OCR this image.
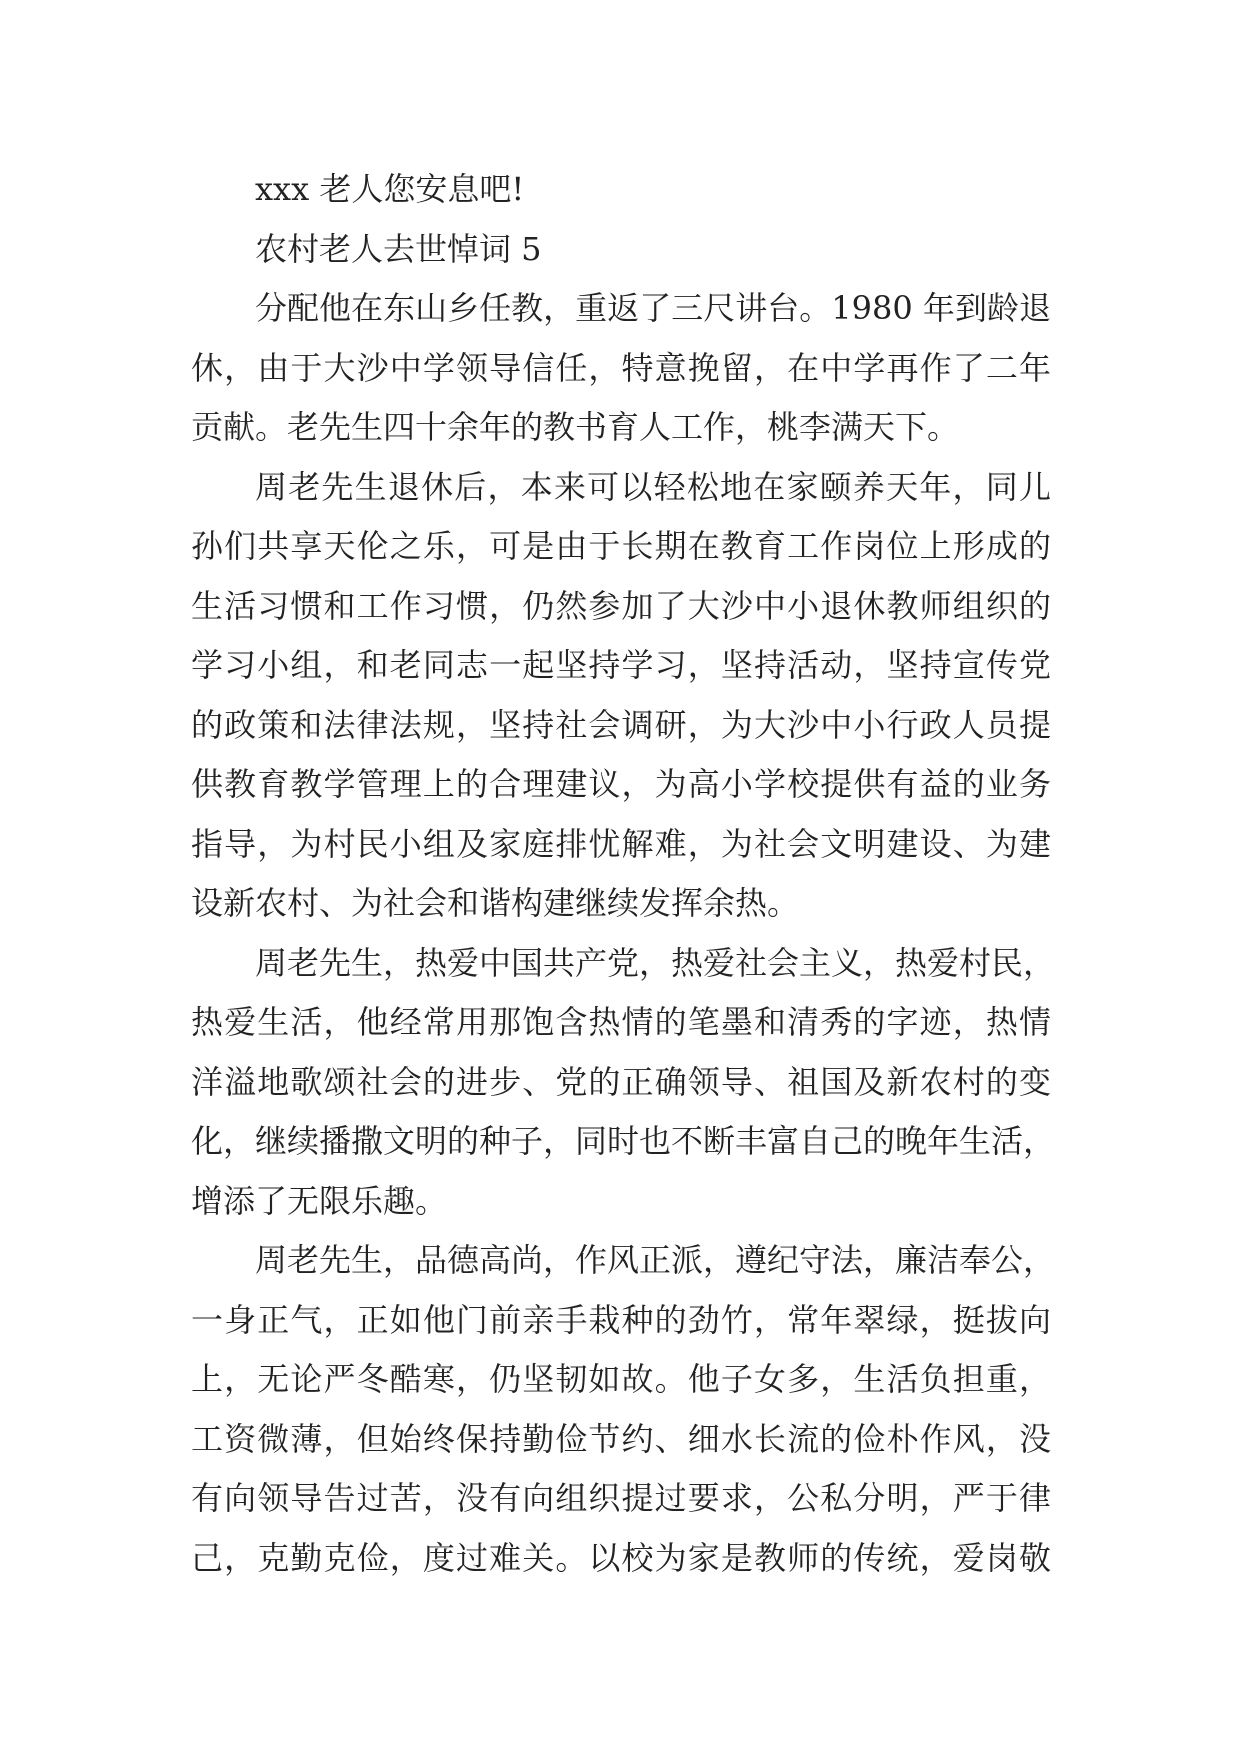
xxx 老人您安息吧!
农村老人去世悼词 5
分配他在东山乡任教，重返了三尺讲台。1980 年到龄退
休，由于大沙中学领导信任，特意挽留，在中学再作了二年
贡献。老先生四十余年的教书育人工作，桃李满天下。
周老先生退休后，本来可以轻松地在家颐养天年，同儿
孙们共享天伦之乐，可是由于长期在教育工作岗位上形成的
生活习惯和工作习惯，仍然参加了大沙中小退休教师组织的
学习小组，和老同志一起坚持学习，坚持活动，坚持宣传党
的政策和法律法规，坚持社会调研，为大沙中小行政人员提
供教育教学管理上的合理建议，为高小学校提供有益的业务
指导，为村民小组及家庭排忧解难，为社会文明建设、为建
设新农村、为社会和谐构建继续发挥余热。
周老先生，热爱中国共产党，热爱社会主义，热爱村民，
热爱生活，他经常用那饱含热情的笔墨和清秀的字迹，热情
洋溢地歌颂社会的进步、党的正确领导、祖国及新农村的变
化，继续播撒文明的种子，同时也不断丰富自己的晚年生活，
增添了无限乐趣。
周老先生，品德高尚，作风正派，遵纪守法，廉洁奉公，
一身正气，正如他门前亲手栽种的劲竹，常年翠绿，挺拔向
上，无论严冬酷寒，仍坚韧如故。他子女多，生活负担重，
工资微薄，但始终保持勤俭节约、细水长流的俭朴作风，没
有向领导告过苦，没有向组织提过要求，公私分明，严于律
己，克勤克俭，度过难关。以校为家是教师的传统，爱岗敬
